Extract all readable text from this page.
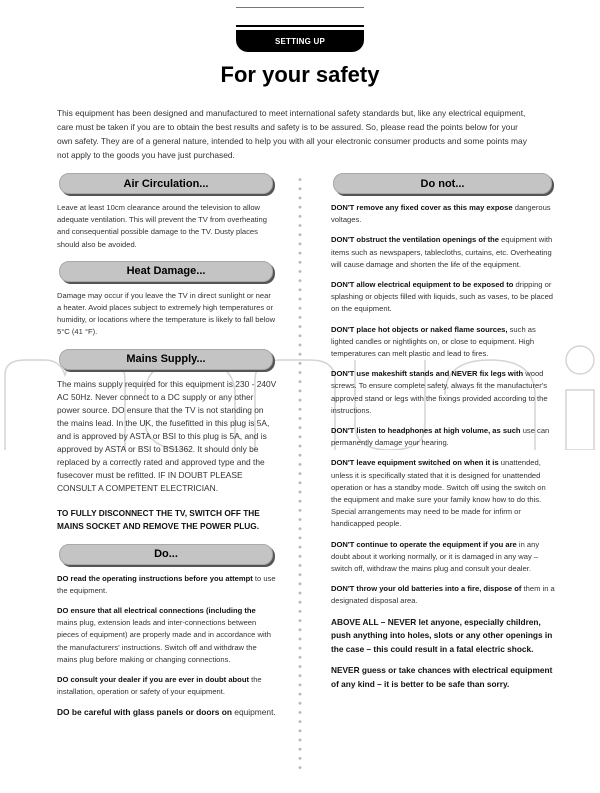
SETTING UP
For your safety

This equipment has been designed and manufactured to meet international safety standards but, like any electrical equipment, care must be taken if you are to obtain the best results and safety is to be assured. So, please read the points below for your own safety. They are of a general nature, intended to help you with all your electronic consumer products and some points may not apply to the goods you have just purchased.

Air Circulation...

Leave at least 10cm clearance around the television to allow adequate ventilation. This will prevent the TV from overheating and consequential possible damage to the TV. Dusty places should also be avoided.

Heat Damage...

Damage may occur if you leave the TV in direct sunlight or near a heater. Avoid places subject to extremely high temperatures or humidity, or locations where the temperature is likely to fall below 5°C (41 °F).

Mains Supply...

The mains supply required for this equipment is 230 - 240V AC 50Hz. Never connect to a DC supply or any other power source. DO ensure that the TV is not standing on the mains lead. In the UK, the fusefitted in this plug is 5A, and is approved by ASTA or BSI to this plug is 5A, and is approved by ASTA or BSI to BS1362. It should only be replaced by a correctly rated and approved type and the fusecover must be refitted. IF IN DOUBT PLEASE CONSULT A COMPETENT ELECTRICIAN.

TO FULLY DISCONNECT THE TV, SWITCH OFF THE MAINS SOCKET AND REMOVE THE POWER PLUG.

Do...

DO read the operating instructions before you attempt to use the equipment.

DO ensure that all electrical connections (including the mains plug, extension leads and inter-connections between pieces of equipment) are properly made and in accordance with the manufacturers' instructions. Switch off and withdraw the mains plug before making or changing connections.

DO consult your dealer if you are ever in doubt about the installation, operation or safety of your equipment.

DO be careful with glass panels or doors on equipment.

Do not...

DON'T remove any fixed cover as this may expose dangerous voltages.

DON'T obstruct the ventilation openings of the equipment with items such as newspapers, tablecloths, curtains, etc. Overheating will cause damage and shorten the life of the equipment.

DON'T allow electrical equipment to be exposed to dripping or splashing or objects filled with liquids, such as vases, to be placed on the equipment.

DON'T place hot objects or naked flame sources, such as lighted candles or nightlights on, or close to equipment. High temperatures can melt plastic and lead to fires.

DON'T use makeshift stands and NEVER fix legs with wood screws. To ensure complete safety, always fit the manufacturer's approved stand or legs with the fixings provided according to the instructions.

DON'T listen to headphones at high volume, as such use can permanently damage your hearing.

DON'T leave equipment switched on when it is unattended, unless it is specifically stated that it is designed for unattended operation or has a standby mode. Switch off using the switch on the equipment and make sure your family know how to do this. Special arrangements may need to be made for infirm or handicapped people.

DON'T continue to operate the equipment if you are in any doubt about it working normally, or it is damaged in any way – switch off, withdraw the mains plug and consult your dealer.

DON'T throw your old batteries into a fire, dispose of them in a designated disposal area.

ABOVE ALL – NEVER let anyone, especially children, push anything into holes, slots or any other openings in the case – this could result in a fatal electric shock.

NEVER guess or take chances with electrical equipment of any kind – it is better to be safe than sorry.
